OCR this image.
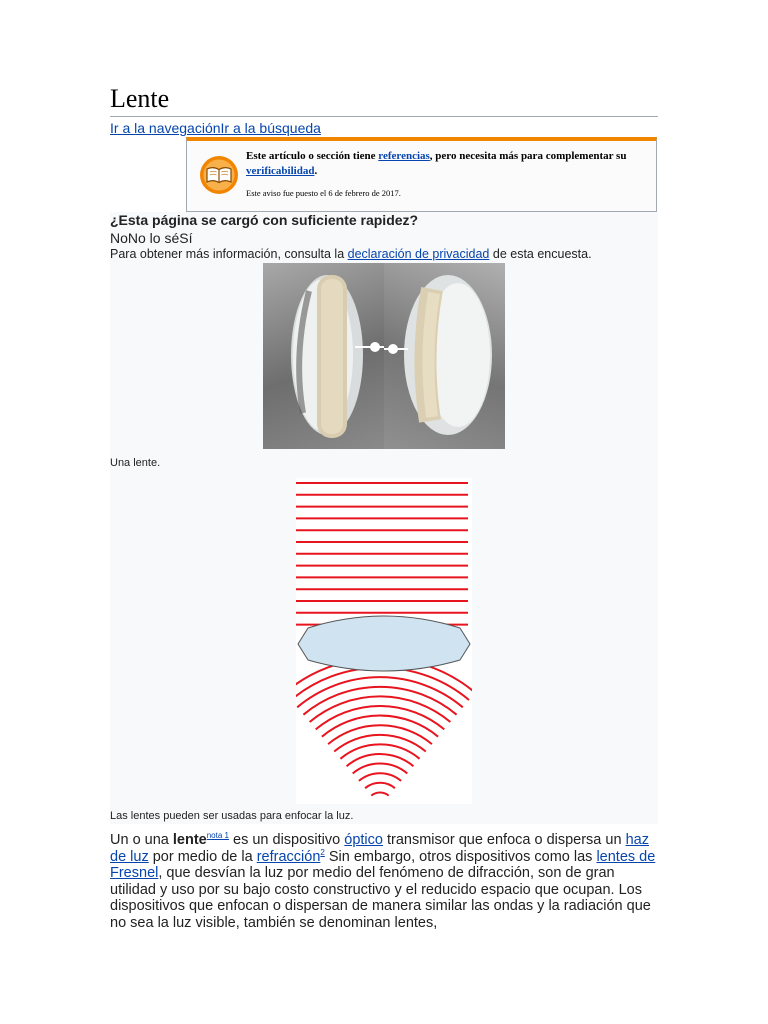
Lente
Ir a la navegaciónIr a la búsqueda
Este artículo o sección tiene referencias, pero necesita más para complementar su verificabilidad.
Este aviso fue puesto el 6 de febrero de 2017.
¿Esta página se cargó con suficiente rapidez?
NoNo lo séSí
Para obtener más información, consulta la declaración de privacidad de esta encuesta.
Una lente.
Las lentes pueden ser usadas para enfocar la luz.

Un o una lente$^{nota 1}$ es un dispositivo óptico transmisor que enfoca o dispersa un haz de luz por medio de la refracción$^2$ Sin embargo, otros dispositivos como las lentes de Fresnel, que desvían la luz por medio del fenómeno de difracción, son de gran utilidad y uso por su bajo costo constructivo y el reducido espacio que ocupan. Los dispositivos que enfocan o dispersan de manera similar las ondas y la radiación que no sea la luz visible, también se denominan lentes,
